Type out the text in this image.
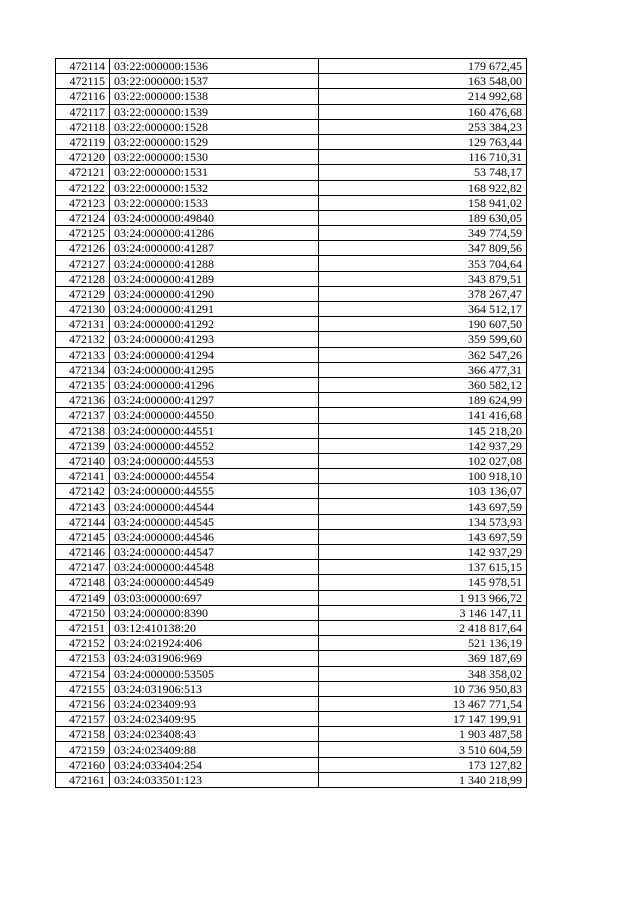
472114	03:22:000000:1536	179 672,45
472115	03:22:000000:1537	163 548,00
472116	03:22:000000:1538	214 992,68
472117	03:22:000000:1539	160 476,68
472118	03:22:000000:1528	253 384,23
472119	03:22:000000:1529	129 763,44
472120	03:22:000000:1530	116 710,31
472121	03:22:000000:1531	53 748,17
472122	03:22:000000:1532	168 922,82
472123	03:22:000000:1533	158 941,02
472124	03:24:000000:49840	189 630,05
472125	03:24:000000:41286	349 774,59
472126	03:24:000000:41287	347 809,56
472127	03:24:000000:41288	353 704,64
472128	03:24:000000:41289	343 879,51
472129	03:24:000000:41290	378 267,47
472130	03:24:000000:41291	364 512,17
472131	03:24:000000:41292	190 607,50
472132	03:24:000000:41293	359 599,60
472133	03:24:000000:41294	362 547,26
472134	03:24:000000:41295	366 477,31
472135	03:24:000000:41296	360 582,12
472136	03:24:000000:41297	189 624,99
472137	03:24:000000:44550	141 416,68
472138	03:24:000000:44551	145 218,20
472139	03:24:000000:44552	142 937,29
472140	03:24:000000:44553	102 027,08
472141	03:24:000000:44554	100 918,10
472142	03:24:000000:44555	103 136,07
472143	03:24:000000:44544	143 697,59
472144	03:24:000000:44545	134 573,93
472145	03:24:000000:44546	143 697,59
472146	03:24:000000:44547	142 937,29
472147	03:24:000000:44548	137 615,15
472148	03:24:000000:44549	145 978,51
472149	03:03:000000:697	1 913 966,72
472150	03:24:000000:8390	3 146 147,11
472151	03:12:410138:20	2 418 817,64
472152	03:24:021924:406	521 136,19
472153	03:24:031906:969	369 187,69
472154	03:24:000000:53505	348 358,02
472155	03:24:031906:513	10 736 950,83
472156	03:24:023409:93	13 467 771,54
472157	03:24:023409:95	17 147 199,91
472158	03:24:023408:43	1 903 487,58
472159	03:24:023409:88	3 510 604,59
472160	03:24:033404:254	173 127,82
472161	03:24:033501:123	1 340 218,99
